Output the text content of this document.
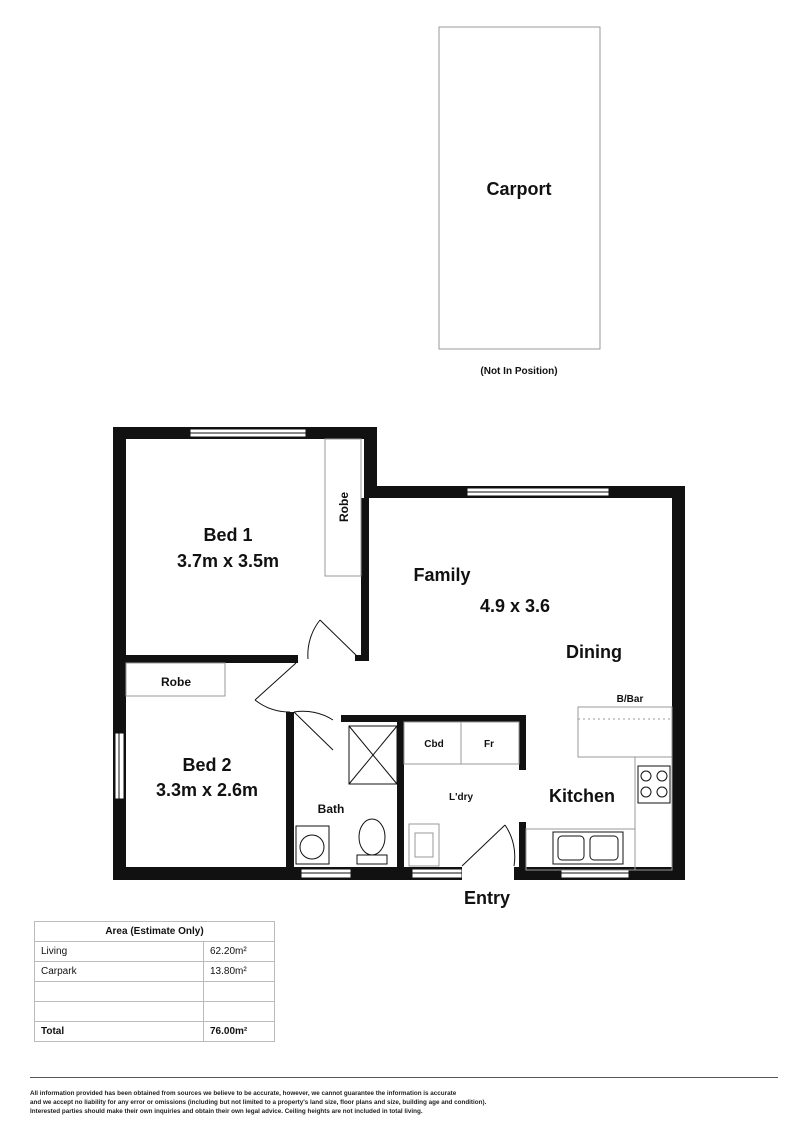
Carport
(Not In Position)
Robe
Robe
Bed 1
3.7m x 3.5m
Family
4.9 x 3.6
Dining
B/Bar
Bed 2
3.3m x 2.6m
Bath
Cbd	Fr
L'dry	Kitchen
Entry
Area (Estimate Only)	
Living	62.20m²
Carpark	13.80m²

Total	76.00m²
All information provided has been obtained from sources we believe to be accurate, however, we cannot guarantee the information is accurate
and we accept no liability for any error or omissions (including but not limited to a property's land size, floor plans and size, building age and condition).
Interested parties should make their own inquiries and obtain their own legal advice. Ceiling heights are not included in total living.
